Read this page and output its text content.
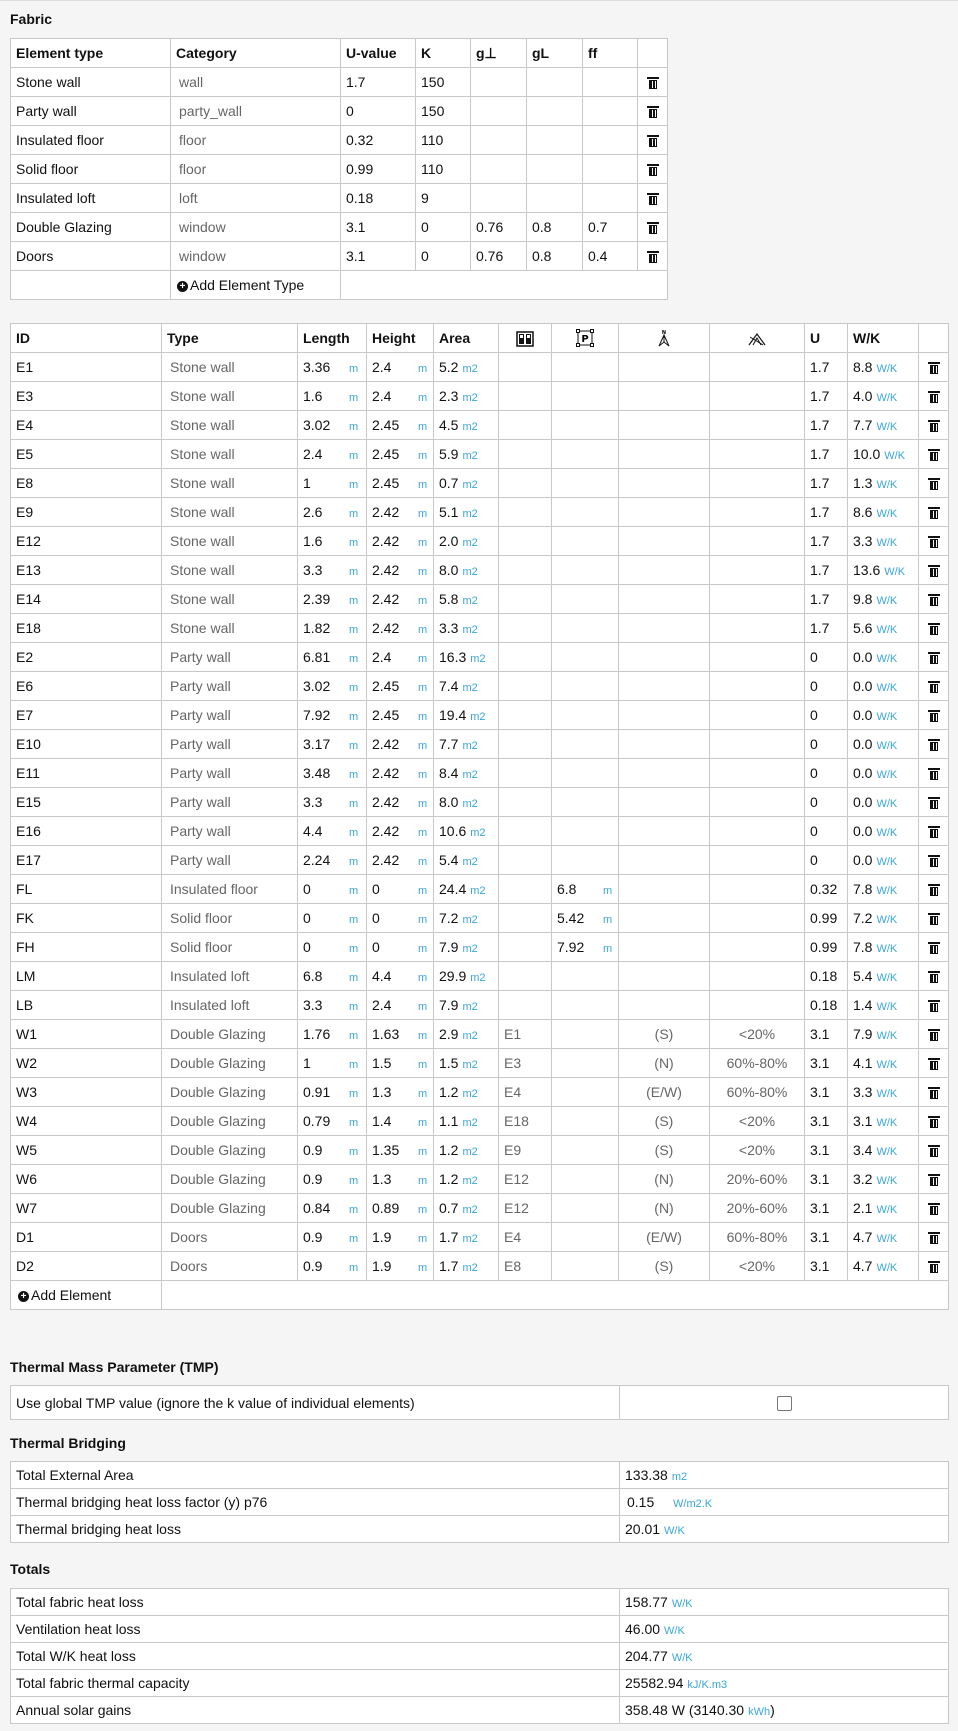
Fabric
Element type	Category	U-value	K	g⊥	gL	ff	
Stone wall	wall	1.7	150				
Party wall	party_wall	0	150				
Insulated floor	floor	0.32	110				
Solid floor	floor	0.99	110				
Insulated loft	loft	0.18	9				
Double Glazing	window	3.1	0	0.76	0.8	0.7	
Doors	window	3.1	0	0.76	0.8	0.4	
	+ Add Element Type						
ID	Type	Length	Height	Area		P	N		U	W/K	
E1	Stone wall	3.36 m	2.4 m	5.2 m2					1.7	8.8 W/K	
E3	Stone wall	1.6 m	2.4 m	2.3 m2					1.7	4.0 W/K	
E4	Stone wall	3.02 m	2.45 m	4.5 m2					1.7	7.7 W/K	
E5	Stone wall	2.4 m	2.45 m	5.9 m2					1.7	10.0 W/K	
E8	Stone wall	1 m	2.45 m	0.7 m2					1.7	1.3 W/K	
E9	Stone wall	2.6 m	2.42 m	5.1 m2					1.7	8.6 W/K	
E12	Stone wall	1.6 m	2.42 m	2.0 m2					1.7	3.3 W/K	
E13	Stone wall	3.3 m	2.42 m	8.0 m2					1.7	13.6 W/K	
E14	Stone wall	2.39 m	2.42 m	5.8 m2					1.7	9.8 W/K	
E18	Stone wall	1.82 m	2.42 m	3.3 m2					1.7	5.6 W/K	
E2	Party wall	6.81 m	2.4 m	16.3 m2					0	0.0 W/K	
E6	Party wall	3.02 m	2.45 m	7.4 m2					0	0.0 W/K	
E7	Party wall	7.92 m	2.45 m	19.4 m2					0	0.0 W/K	
E10	Party wall	3.17 m	2.42 m	7.7 m2					0	0.0 W/K	
E11	Party wall	3.48 m	2.42 m	8.4 m2					0	0.0 W/K	
E15	Party wall	3.3 m	2.42 m	8.0 m2					0	0.0 W/K	
E16	Party wall	4.4 m	2.42 m	10.6 m2					0	0.0 W/K	
E17	Party wall	2.24 m	2.42 m	5.4 m2					0	0.0 W/K	
FL	Insulated floor	0 m	0 m	24.4 m2		6.8 m			0.32	7.8 W/K	
FK	Solid floor	0 m	0 m	7.2 m2		5.42 m			0.99	7.2 W/K	
FH	Solid floor	0 m	0 m	7.9 m2		7.92 m			0.99	7.8 W/K	
LM	Insulated loft	6.8 m	4.4 m	29.9 m2					0.18	5.4 W/K	
LB	Insulated loft	3.3 m	2.4 m	7.9 m2					0.18	1.4 W/K	
W1	Double Glazing	1.76 m	1.63 m	2.9 m2	E1		(S)	<20%	3.1	7.9 W/K	
W2	Double Glazing	1 m	1.5 m	1.5 m2	E3		(N)	60%-80%	3.1	4.1 W/K	
W3	Double Glazing	0.91 m	1.3 m	1.2 m2	E4		(E/W)	60%-80%	3.1	3.3 W/K	
W4	Double Glazing	0.79 m	1.4 m	1.1 m2	E18		(S)	<20%	3.1	3.1 W/K	
W5	Double Glazing	0.9 m	1.35 m	1.2 m2	E9		(S)	<20%	3.1	3.4 W/K	
W6	Double Glazing	0.9 m	1.3 m	1.2 m2	E12		(N)	20%-60%	3.1	3.2 W/K	
W7	Double Glazing	0.84 m	0.89 m	0.7 m2	E12		(N)	20%-60%	3.1	2.1 W/K	
D1	Doors	0.9 m	1.9 m	1.7 m2	E4		(E/W)	60%-80%	3.1	4.7 W/K	
D2	Doors	0.9 m	1.9 m	1.7 m2	E8		(S)	<20%	3.1	4.7 W/K	
+ Add Element											
Thermal Mass Parameter (TMP)
Use global TMP value (ignore the k value of individual elements)	
Thermal Bridging
Total External Area	133.38 m2
Thermal bridging heat loss factor (y) p76	0.15 W/m2.K
Thermal bridging heat loss	20.01 W/K
Totals
Total fabric heat loss	158.77 W/K
Ventilation heat loss	46.00 W/K
Total W/K heat loss	204.77 W/K
Total fabric thermal capacity	25582.94 kJ/K.m3
Annual solar gains	358.48 W (3140.30 kWh)
